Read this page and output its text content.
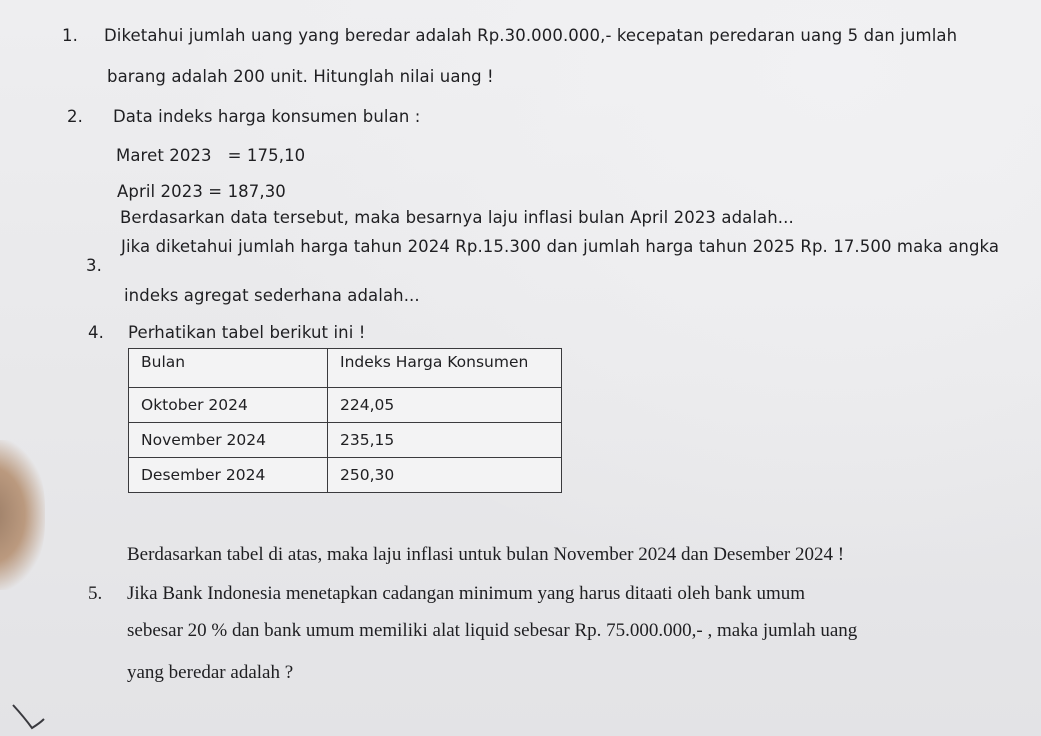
1. Diketahui jumlah uang yang beredar adalah Rp.30.000.000,- kecepatan peredaran uang 5 dan jumlah
barang adalah 200 unit. Hitunglah nilai uang !
2. Data indeks harga konsumen bulan :
Maret 2023   = 175,10
April 2023 = 187,30
Berdasarkan data tersebut, maka besarnya laju inflasi bulan April 2023 adalah...
3.
Jika diketahui jumlah harga tahun 2024 Rp.15.300 dan jumlah harga tahun 2025 Rp. 17.500 maka angka
indeks agregat sederhana adalah...
4. Perhatikan tabel berikut ini !
Bulan	Indeks Harga Konsumen
Oktober 2024	224,05
November 2024	235,15
Desember 2024	250,30
Berdasarkan tabel di atas, maka laju inflasi untuk bulan November 2024 dan Desember 2024 !
5. Jika Bank Indonesia menetapkan cadangan minimum yang harus ditaati oleh bank umum
sebesar 20 % dan bank umum memiliki alat liquid sebesar Rp. 75.000.000,- , maka jumlah uang
yang beredar adalah ?
